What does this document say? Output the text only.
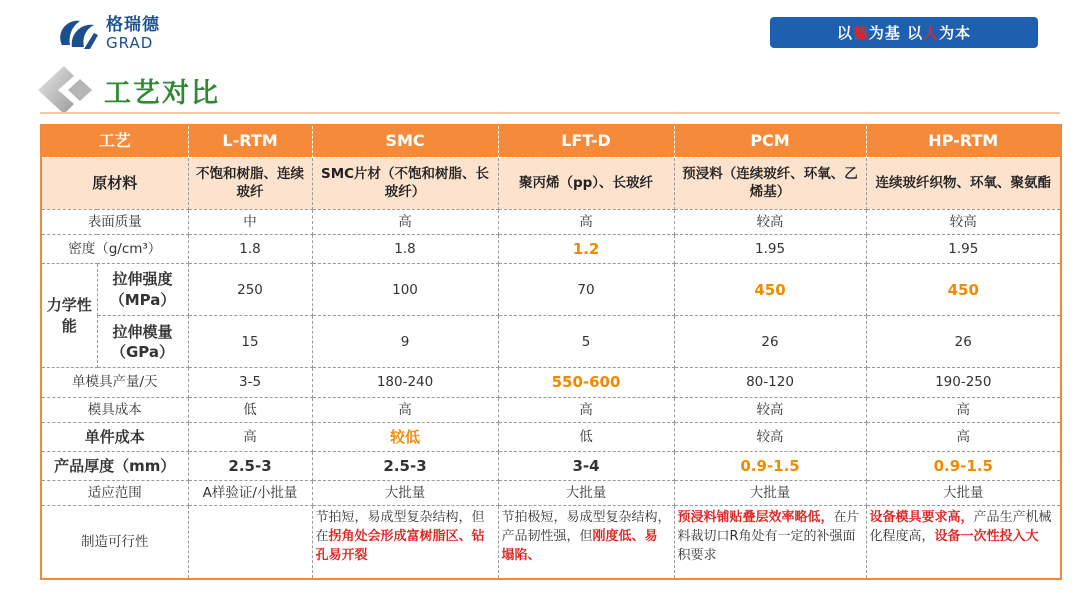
格瑞德
GRAD
以 德 为基 以 人 为本
工艺对比
工艺		L-RTM	SMC	LFT-D	PCM	HP-RTM
原材料		不饱和树脂、连续玻纤	SMC片材（不饱和树脂、长玻纤）	聚丙烯（pp）、长玻纤	预浸料（连续玻纤、环氧、乙烯基）	连续玻纤织物、环氧、聚氨酯
表面质量		中	高	高	较高	较高
密度（g/cm³）		1.8	1.8	1.2	1.95	1.95
力学性能	拉伸强度（MPa）	250	100	70	450	450
	拉伸模量（GPa）	15	9	5	26	26
单模具产量/天		3-5	180-240	550-600	80-120	190-250
模具成本		低	高	高	较高	高
单件成本		高	较低	低	较高	高
产品厚度（mm）		2.5-3	2.5-3	3-4	0.9-1.5	0.9-1.5
适应范围		A样验证/小批量	大批量	大批量	大批量	大批量
制造可行性			节拍短，易成型复杂结构，但在拐角处会形成富树脂区、钻孔易开裂	节拍极短，易成型复杂结构，产品韧性强，但刚度低、易塌陷、	预浸料铺贴叠层效率略低，在片料裁切口R角处有一定的补强面积要求	设备模具要求高，产品生产机械化程度高，设备一次性投入大
